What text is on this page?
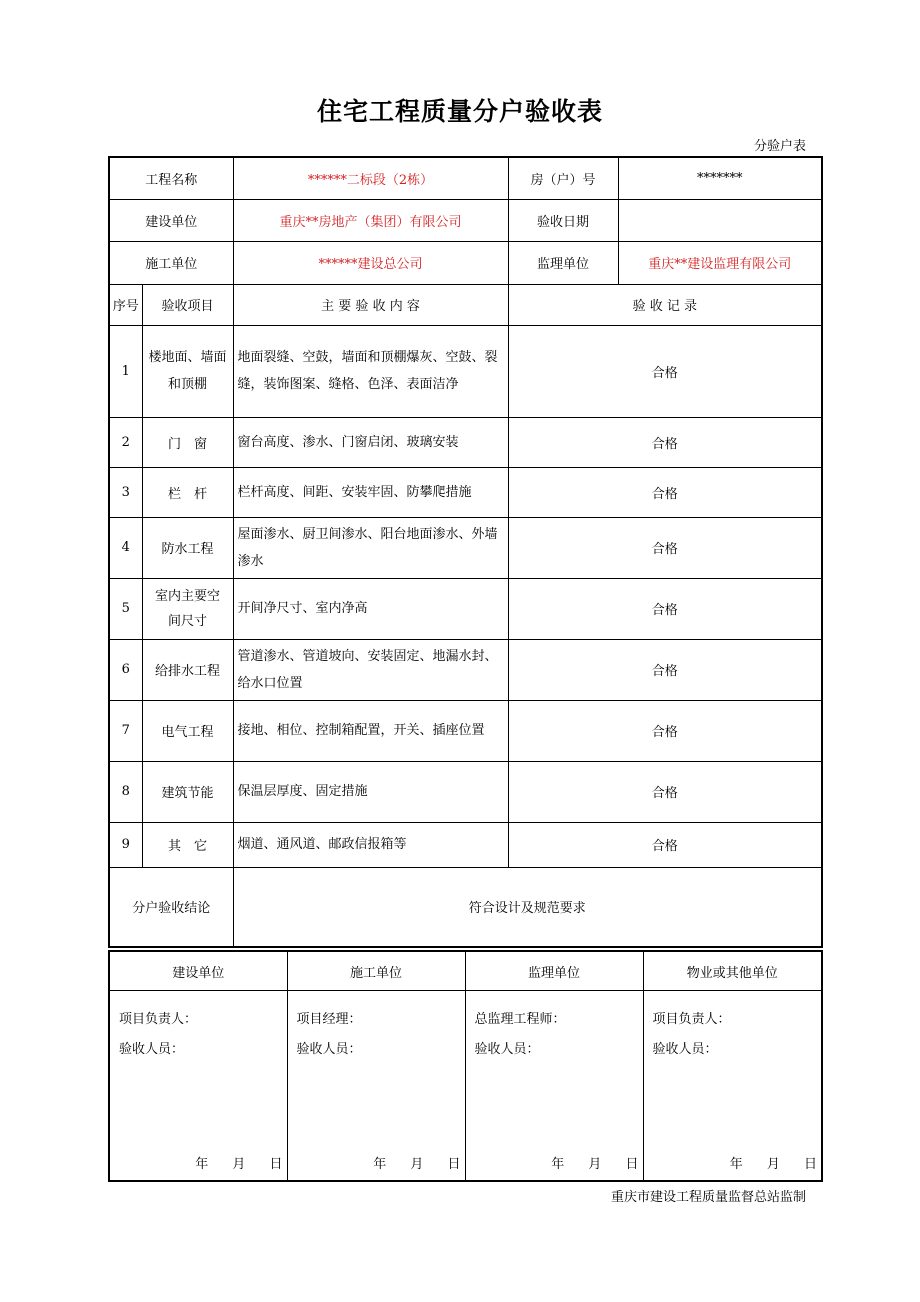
住宅工程质量分户验收表
分验户表
工程名称		******二标段（2栋）	房（户）号	*******
建设单位		重庆**房地产（集团）有限公司	验收日期	
施工单位		******建设总公司	监理单位	重庆**建设监理有限公司
序号	验收项目	主 要 验 收 内 容	验 收 记 录	
1	楼地面、墙面和顶棚	地面裂缝、空鼓，墙面和顶棚爆灰、空鼓、裂缝，装饰图案、缝格、色泽、表面洁净	合格	
2	门　窗	窗台高度、渗水、门窗启闭、玻璃安装	合格	
3	栏　杆	栏杆高度、间距、安装牢固、防攀爬措施	合格	
4	防水工程	屋面渗水、厨卫间渗水、阳台地面渗水、外墙渗水	合格	
5	室内主要空间尺寸	开间净尺寸、室内净高	合格	
6	给排水工程	管道渗水、管道坡向、安装固定、地漏水封、给水口位置	合格	
7	电气工程	接地、相位、控制箱配置，开关、插座位置	合格	
8	建筑节能	保温层厚度、固定措施	合格	
9	其　它	烟道、通风道、邮政信报箱等	合格	
分户验收结论		符合设计及规范要求		
建设单位	施工单位	监理单位	物业或其他单位

项目负责人：
验收人员：
年 月 日	项目经理：
验收人员：
年 月 日	总监理工程师：
验收人员：
年 月 日	项目负责人：
验收人员：
年 月 日
重庆市建设工程质量监督总站监制
